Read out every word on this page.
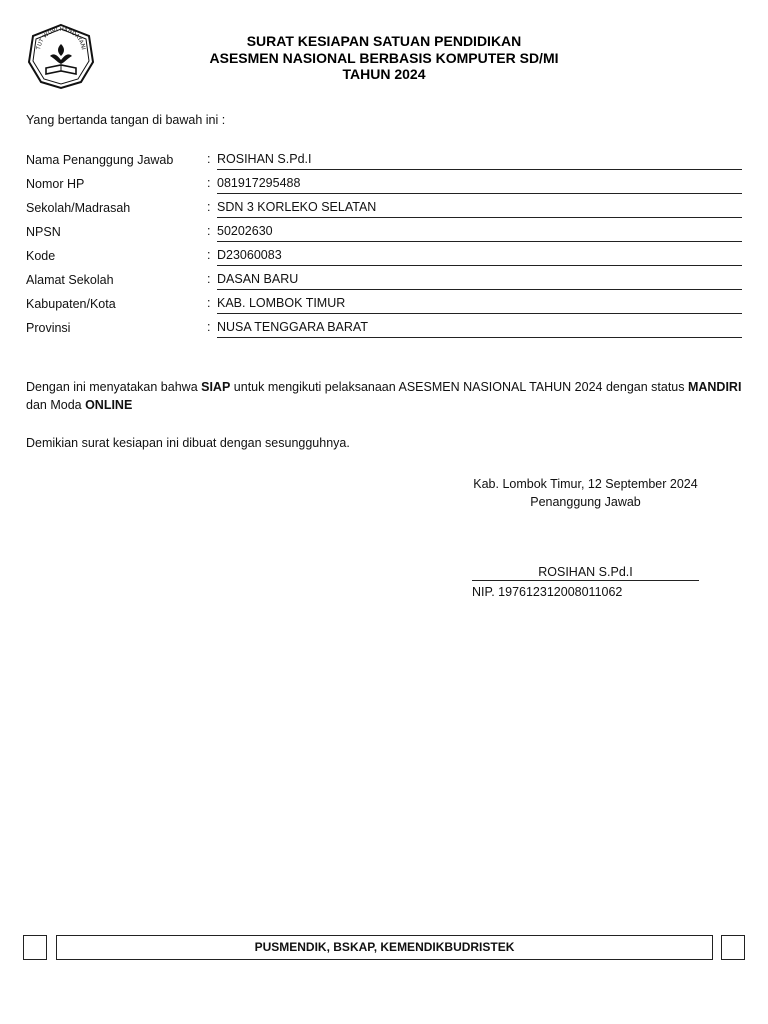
TUT WURI HANDAYANI	SURAT KESIAPAN SATUAN PENDIDIKAN
ASESMEN NASIONAL BERBASIS KOMPUTER SD/MI
TAHUN 2024
Yang bertanda tangan di bawah ini :
Nama Penanggung Jawab	: ROSIHAN S.Pd.I
Nomor HP	: 081917295488
Sekolah/Madrasah	: SDN 3 KORLEKO SELATAN
NPSN	: 50202630
Kode	: D23060083
Alamat Sekolah	: DASAN BARU
Kabupaten/Kota	: KAB. LOMBOK TIMUR
Provinsi	: NUSA TENGGARA BARAT
Dengan ini menyatakan bahwa SIAP untuk mengikuti pelaksanaan ASESMEN NASIONAL TAHUN 2024 dengan status MANDIRI
dan Moda ONLINE
Demikian surat kesiapan ini dibuat dengan sesungguhnya.
Kab. Lombok Timur, 12 September 2024
Penanggung Jawab
ROSIHAN S.Pd.I
NIP. 197612312008011062
PUSMENDIK, BSKAP, KEMENDIKBUDRISTEK
